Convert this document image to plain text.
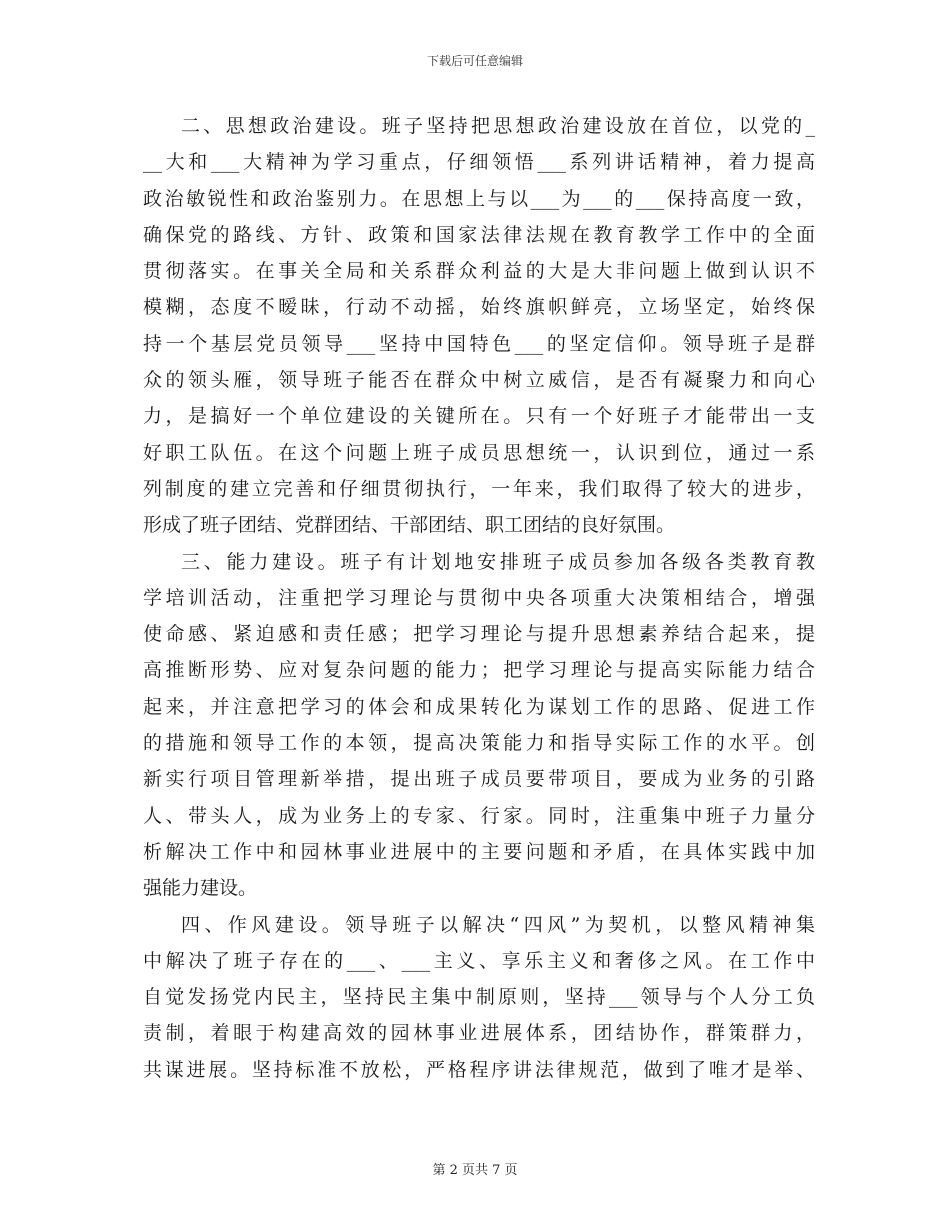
下载后可任意编辑
二、思想政治建设。班子坚持把思想政治建设放在首位，以党的_
__大和___大精神为学习重点，仔细领悟___系列讲话精神，着力提高
政治敏锐性和政治鉴别力。在思想上与以___为___的___保持高度一致，
确保党的路线、方针、政策和国家法律法规在教育教学工作中的全面
贯彻落实。在事关全局和关系群众利益的大是大非问题上做到认识不
模糊，态度不暧昧，行动不动摇，始终旗帜鲜亮，立场坚定，始终保
持一个基层党员领导___坚持中国特色___的坚定信仰。领导班子是群
众的领头雁，领导班子能否在群众中树立威信，是否有凝聚力和向心
力，是搞好一个单位建设的关键所在。只有一个好班子才能带出一支
好职工队伍。在这个问题上班子成员思想统一，认识到位，通过一系
列制度的建立完善和仔细贯彻执行，一年来，我们取得了较大的进步，
形成了班子团结、党群团结、干部团结、职工团结的良好氛围。
三、能力建设。班子有计划地安排班子成员参加各级各类教育教
学培训活动，注重把学习理论与贯彻中央各项重大决策相结合，增强
使命感、紧迫感和责任感；把学习理论与提升思想素养结合起来，提
高推断形势、应对复杂问题的能力；把学习理论与提高实际能力结合
起来，并注意把学习的体会和成果转化为谋划工作的思路、促进工作
的措施和领导工作的本领，提高决策能力和指导实际工作的水平。创
新实行项目管理新举措，提出班子成员要带项目，要成为业务的引路
人、带头人，成为业务上的专家、行家。同时，注重集中班子力量分
析解决工作中和园林事业进展中的主要问题和矛盾，在具体实践中加
强能力建设。
四、作风建设。领导班子以解决“四风”为契机，以整风精神集
中解决了班子存在的___、___主义、享乐主义和奢侈之风。在工作中
自觉发扬党内民主，坚持民主集中制原则，坚持___领导与个人分工负
责制，着眼于构建高效的园林事业进展体系，团结协作，群策群力，
共谋进展。坚持标准不放松，严格程序讲法律规范，做到了唯才是举、
第 2 页共 7 页
